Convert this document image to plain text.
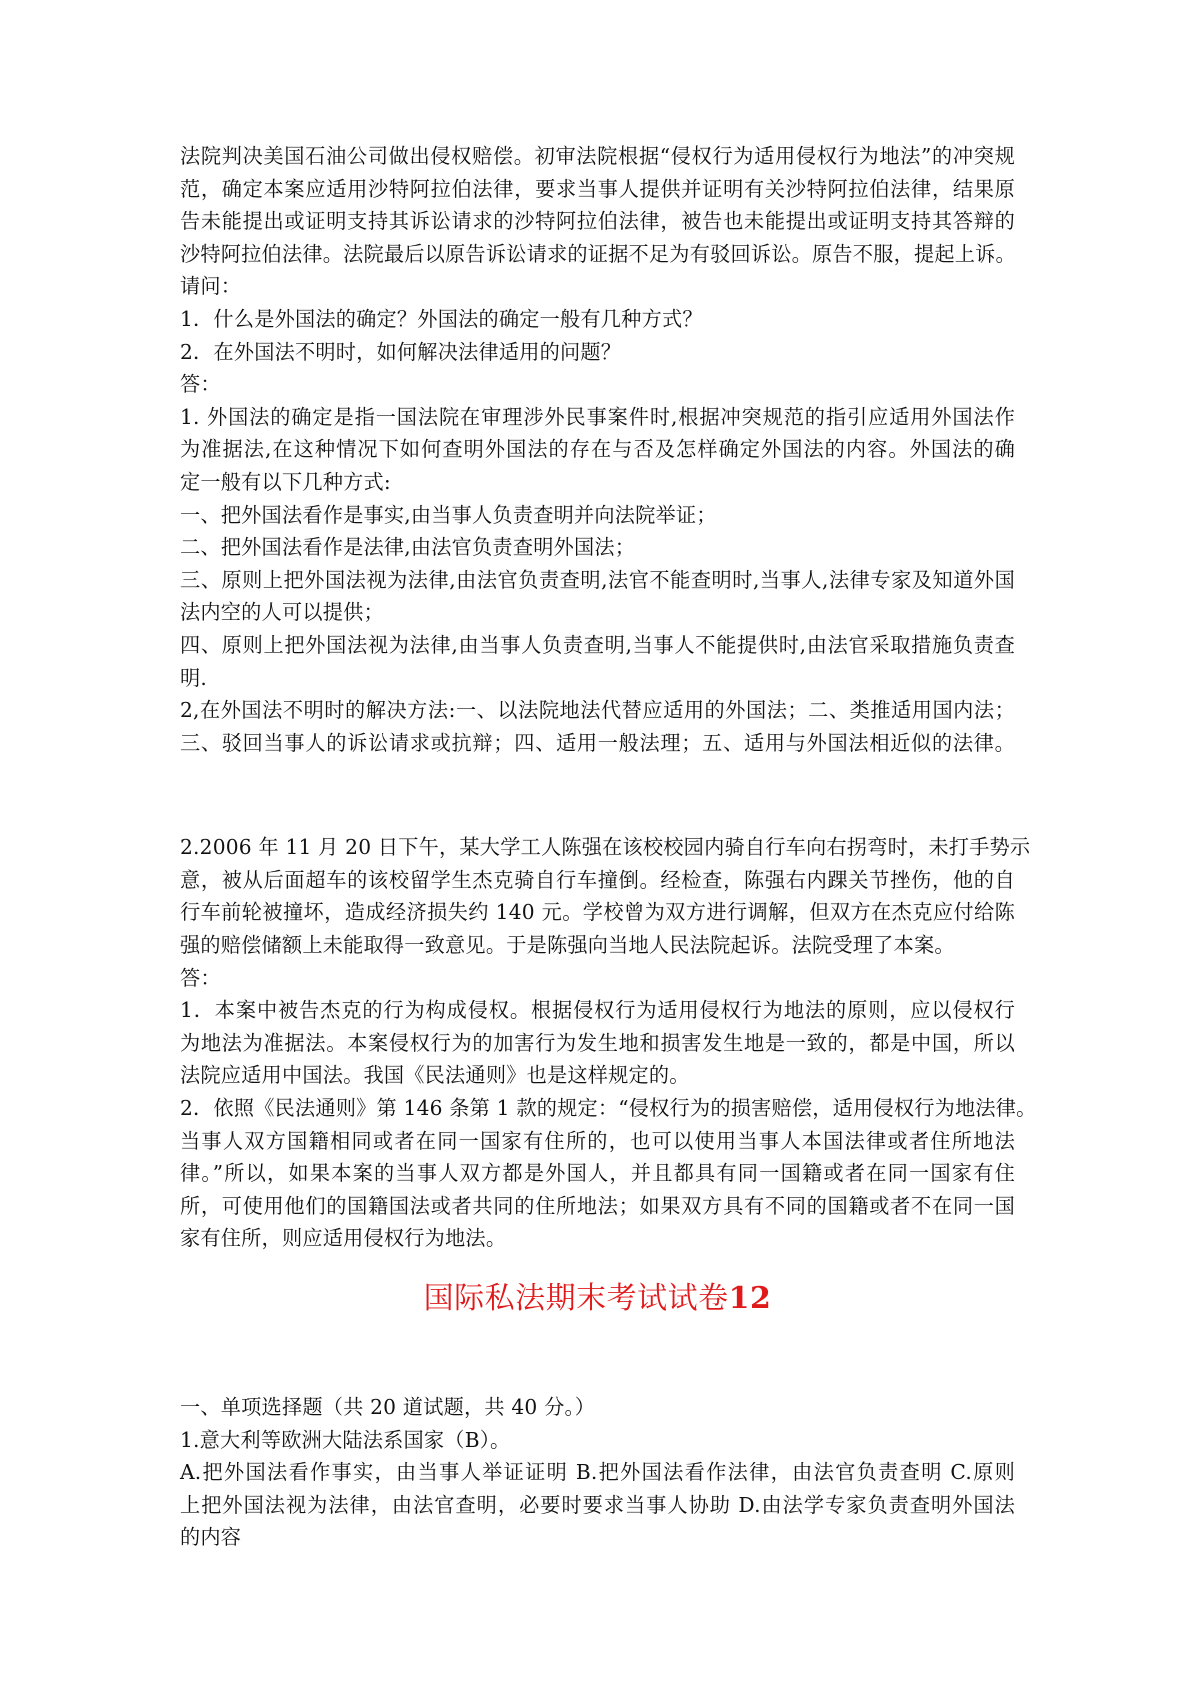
法院判决美国石油公司做出侵权赔偿。初审法院根据“侵权行为适用侵权行为地法”的冲突规
范，确定本案应适用沙特阿拉伯法律，要求当事人提供并证明有关沙特阿拉伯法律，结果原
告未能提出或证明支持其诉讼请求的沙特阿拉伯法律，被告也未能提出或证明支持其答辩的
沙特阿拉伯法律。法院最后以原告诉讼请求的证据不足为有驳回诉讼。原告不服，提起上诉。
请问：
1．什么是外国法的确定？外国法的确定一般有几种方式？
2．在外国法不明时，如何解决法律适用的问题？
答：
1. 外国法的确定是指一国法院在审理涉外民事案件时,根据冲突规范的指引应适用外国法作
为准据法,在这种情况下如何查明外国法的存在与否及怎样确定外国法的内容。外国法的确
定一般有以下几种方式:
一、把外国法看作是事实,由当事人负责查明并向法院举证；
二、把外国法看作是法律,由法官负责查明外国法；
三、原则上把外国法视为法律,由法官负责查明,法官不能查明时,当事人,法律专家及知道外国
法内空的人可以提供；
四、原则上把外国法视为法律,由当事人负责查明,当事人不能提供时,由法官采取措施负责查
明.
2,在外国法不明时的解决方法:一、以法院地法代替应适用的外国法；二、类推适用国内法；
三、驳回当事人的诉讼请求或抗辩；四、适用一般法理；五、适用与外国法相近似的法律。
2.2006 年 11 月 20 日下午，某大学工人陈强在该校校园内骑自行车向右拐弯时，未打手势示
意，被从后面超车的该校留学生杰克骑自行车撞倒。经检查，陈强右内踝关节挫伤，他的自
行车前轮被撞坏，造成经济损失约 140 元。学校曾为双方进行调解，但双方在杰克应付给陈
强的赔偿储额上未能取得一致意见。于是陈强向当地人民法院起诉。法院受理了本案。
答：
1．本案中被告杰克的行为构成侵权。根据侵权行为适用侵权行为地法的原则，应以侵权行
为地法为准据法。本案侵权行为的加害行为发生地和损害发生地是一致的，都是中国，所以
法院应适用中国法。我国《民法通则》也是这样规定的。
2．依照《民法通则》第 146 条第 1 款的规定：“侵权行为的损害赔偿，适用侵权行为地法律。
当事人双方国籍相同或者在同一国家有住所的，也可以使用当事人本国法律或者住所地法
律。”所以，如果本案的当事人双方都是外国人，并且都具有同一国籍或者在同一国家有住
所，可使用他们的国籍国法或者共同的住所地法；如果双方具有不同的国籍或者不在同一国
家有住所，则应适用侵权行为地法。
国际私法期末考试试卷12
一、单项选择题（共 20 道试题，共 40 分。）
1.意大利等欧洲大陆法系国家（B）。
A.把外国法看作事实，由当事人举证证明 B.把外国法看作法律，由法官负责查明 C.原则
上把外国法视为法律，由法官查明，必要时要求当事人协助 D.由法学专家负责查明外国法
的内容
